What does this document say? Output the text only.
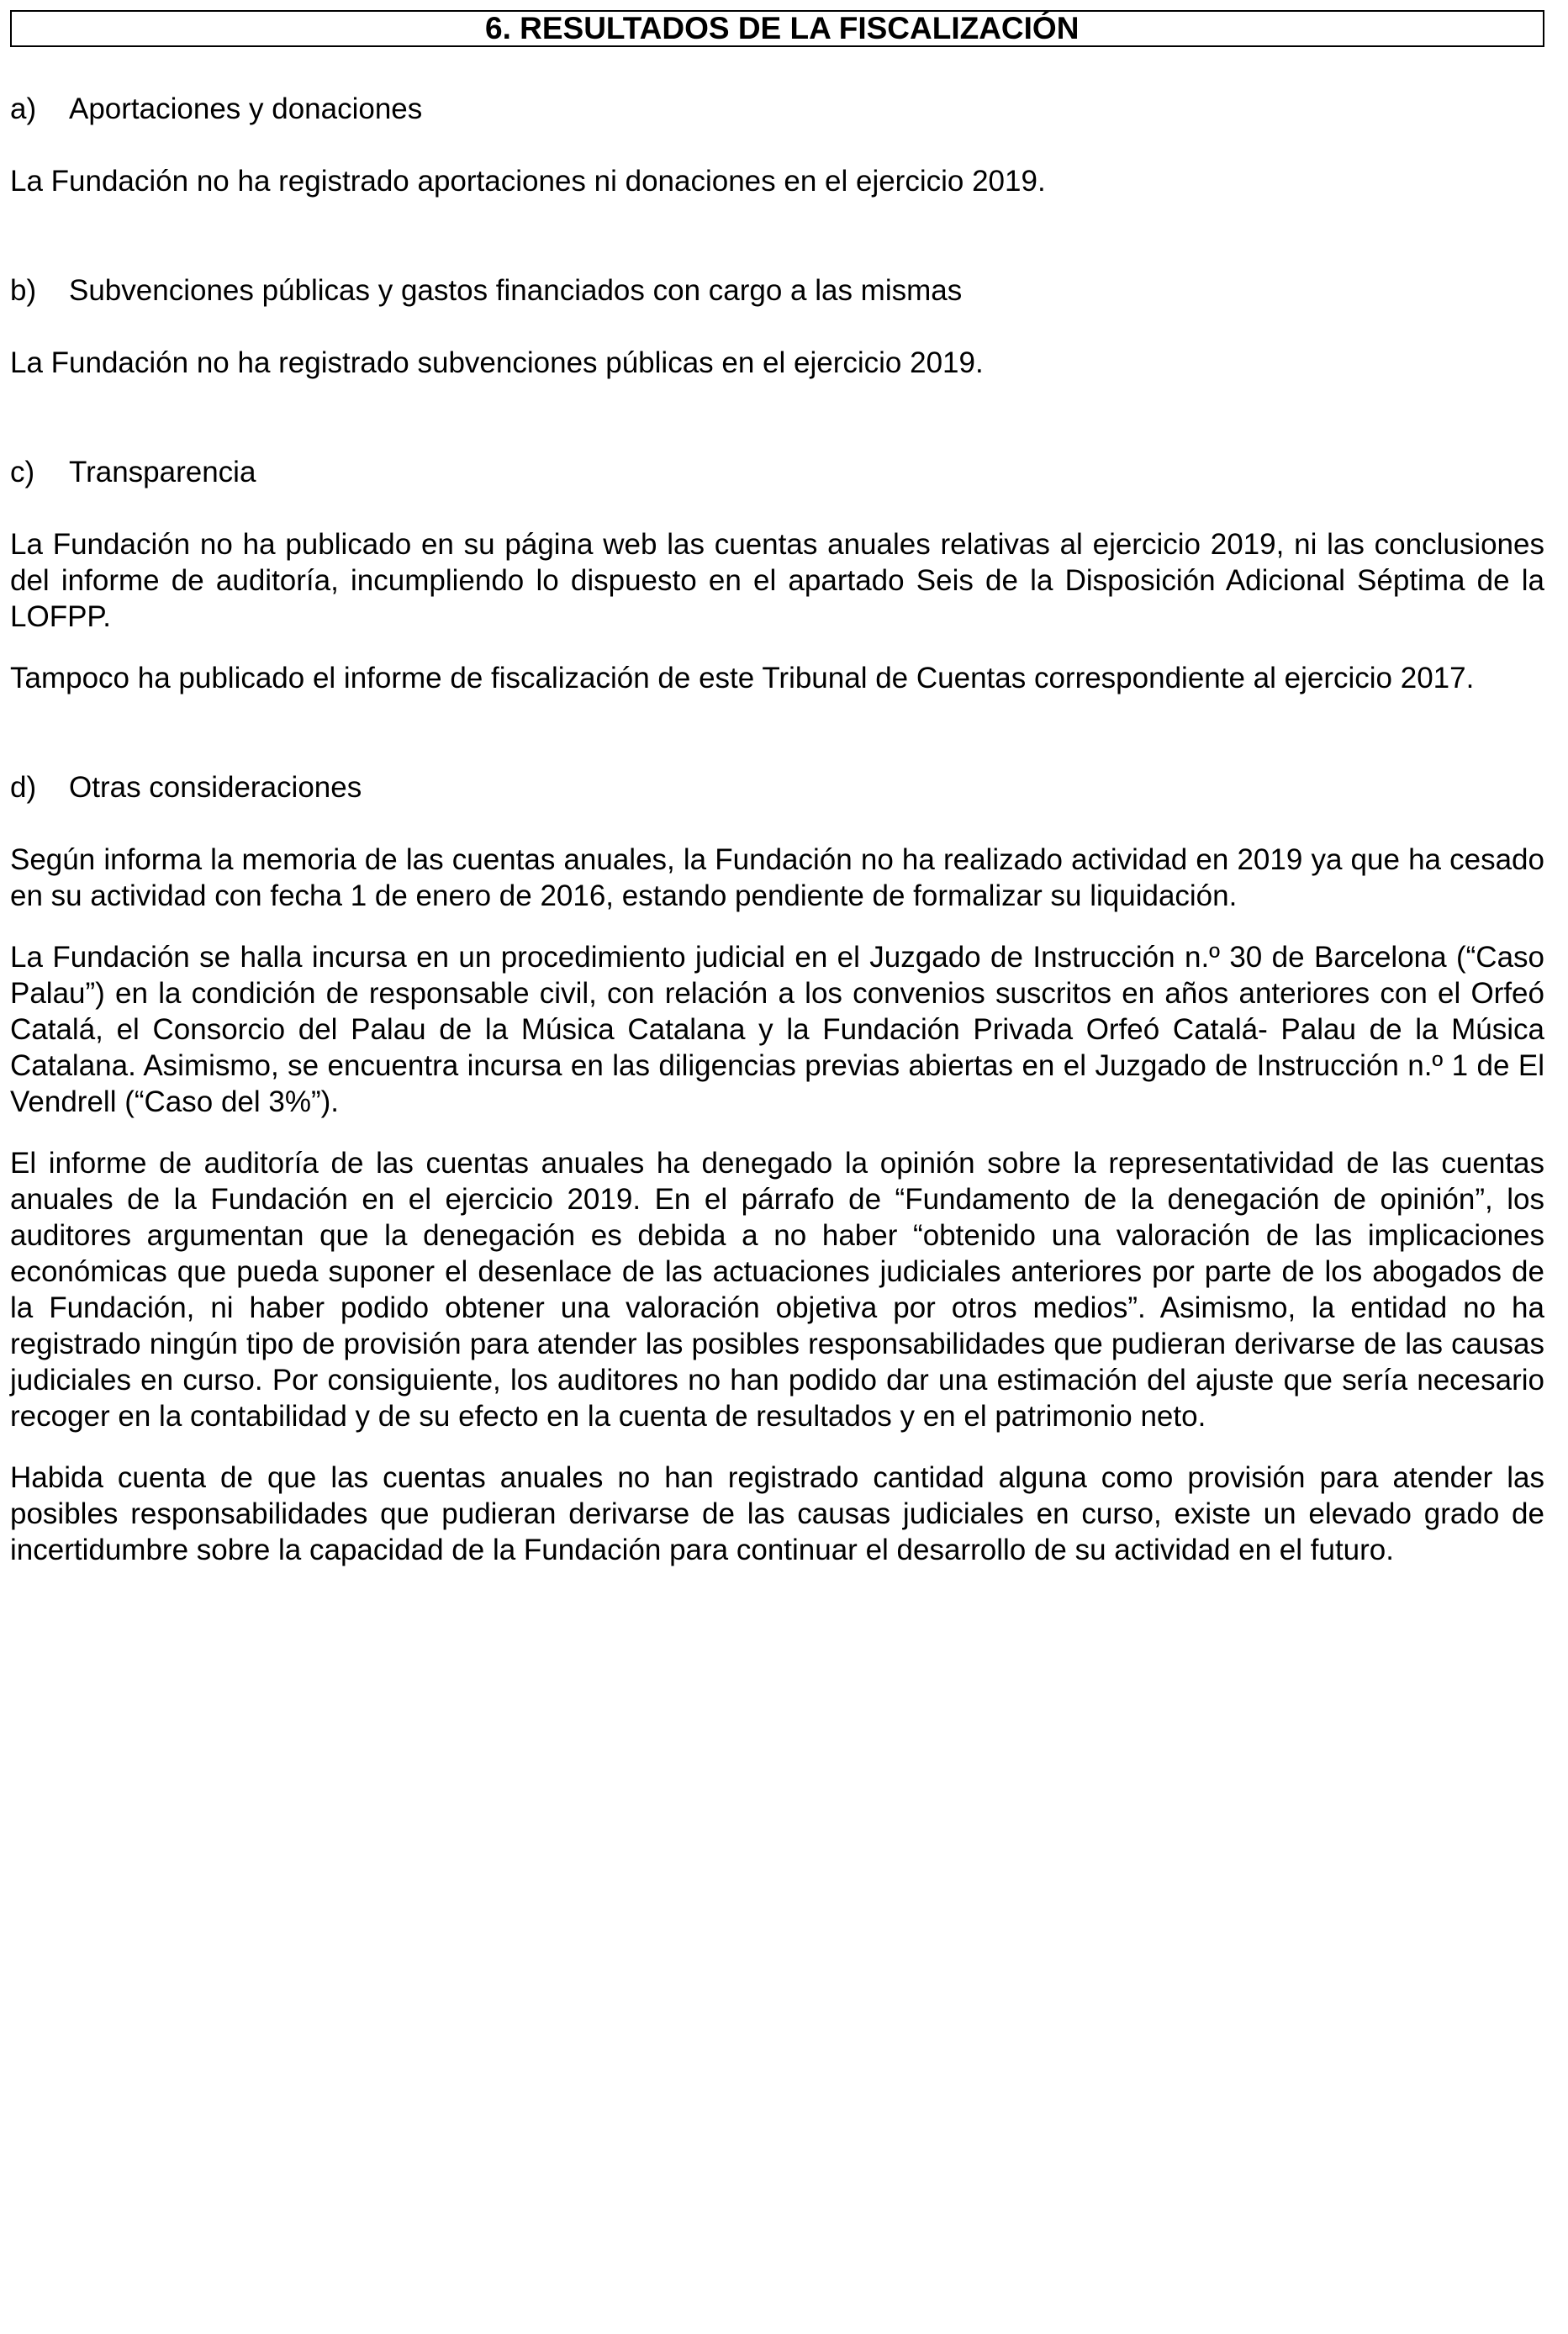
6. RESULTADOS DE LA FISCALIZACIÓN
a)	Aportaciones y donaciones

La Fundación no ha registrado aportaciones ni donaciones en el ejercicio 2019.

b)	Subvenciones públicas y gastos financiados con cargo a las mismas

La Fundación no ha registrado subvenciones públicas en el ejercicio 2019.

c)	Transparencia

La Fundación no ha publicado en su página web las cuentas anuales relativas al ejercicio 2019, ni las conclusiones del informe de auditoría, incumpliendo lo dispuesto en el apartado Seis de la Disposición Adicional Séptima de la LOFPP.

Tampoco ha publicado el informe de fiscalización de este Tribunal de Cuentas correspondiente al ejercicio 2017.

d)	Otras consideraciones

Según informa la memoria de las cuentas anuales, la Fundación no ha realizado actividad en 2019 ya que ha cesado en su actividad con fecha 1 de enero de 2016, estando pendiente de formalizar su liquidación.

La Fundación se halla incursa en un procedimiento judicial en el Juzgado de Instrucción n.º 30 de Barcelona (“Caso Palau”) en la condición de responsable civil, con relación a los convenios suscritos en años anteriores con el Orfeó Catalá, el Consorcio del Palau de la Música Catalana y la Fundación Privada Orfeó Catalá- Palau de la Música Catalana. Asimismo, se encuentra incursa en las diligencias previas abiertas en el Juzgado de Instrucción n.º 1 de El Vendrell (“Caso del 3%”).

El informe de auditoría de las cuentas anuales ha denegado la opinión sobre la representatividad de las cuentas anuales de la Fundación en el ejercicio 2019. En el párrafo de “Fundamento de la denegación de opinión”, los auditores argumentan que la denegación es debida a no haber “obtenido una valoración de las implicaciones económicas que pueda suponer el desenlace de las actuaciones judiciales anteriores por parte de los abogados de la Fundación, ni haber podido obtener una valoración objetiva por otros medios”. Asimismo, la entidad no ha registrado ningún tipo de provisión para atender las posibles responsabilidades que pudieran derivarse de las causas judiciales en curso. Por consiguiente, los auditores no han podido dar una estimación del ajuste que sería necesario recoger en la contabilidad y de su efecto en la cuenta de resultados y en el patrimonio neto.

Habida cuenta de que las cuentas anuales no han registrado cantidad alguna como provisión para atender las posibles responsabilidades que pudieran derivarse de las causas judiciales en curso, existe un elevado grado de incertidumbre sobre la capacidad de la Fundación para continuar el desarrollo de su actividad en el futuro.
